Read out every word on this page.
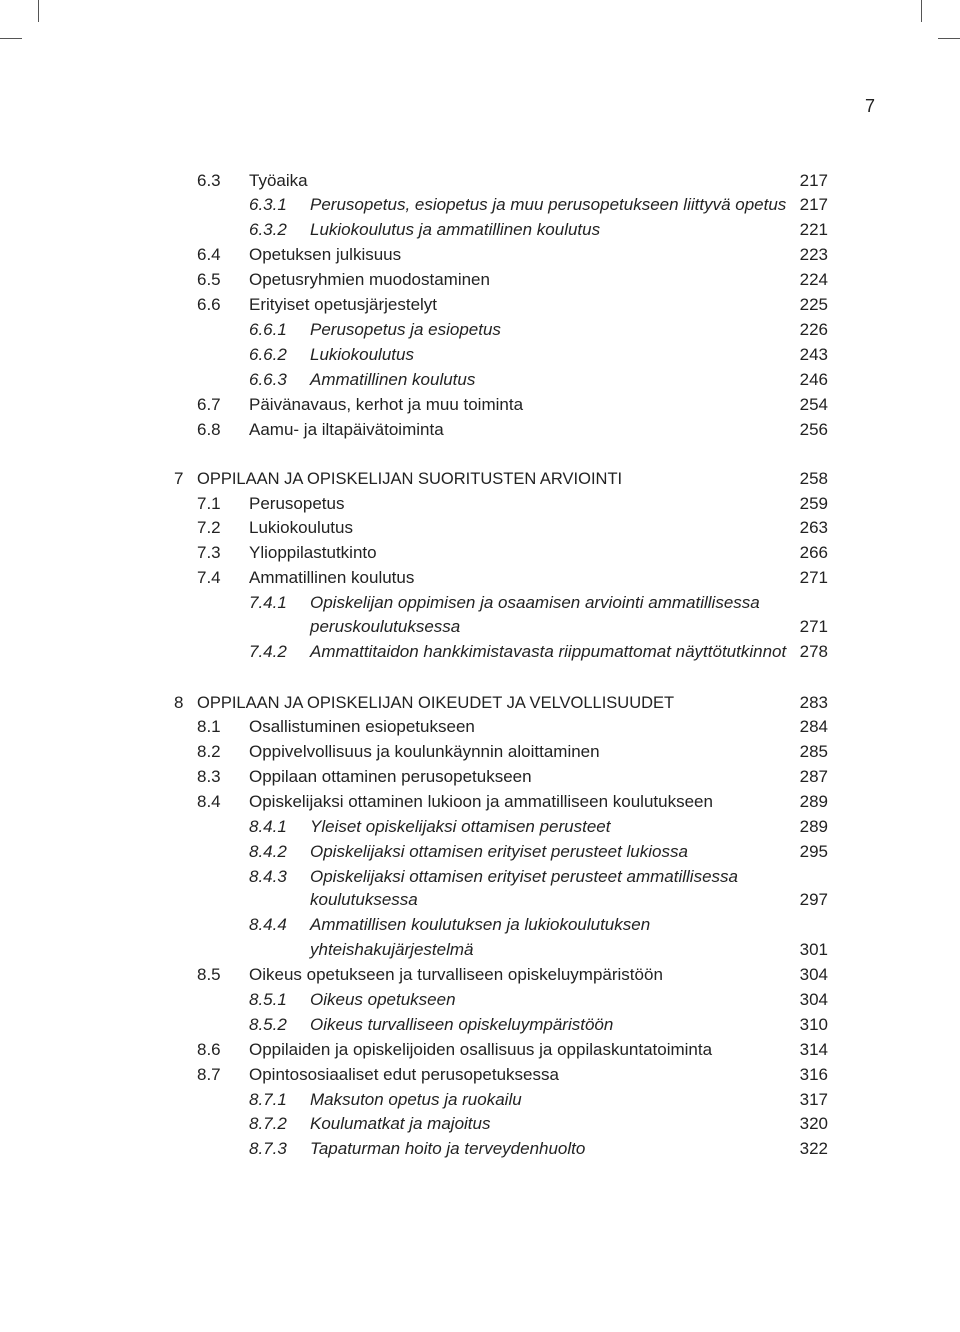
7
6.3 Työaika	217
6.3.1 Perusopetus, esiopetus ja muu perusopetukseen liittyvä opetus 217
6.3.2 Lukiokoulutus ja ammatillinen koulutus	221
6.4 Opetuksen julkisuus	223
6.5 Opetusryhmien muodostaminen	224
6.6 Erityiset opetusjärjestelyt	225
6.6.1 Perusopetus ja esiopetus	226
6.6.2 Lukiokoulutus	243
6.6.3 Ammatillinen koulutus	246
6.7 Päivänavaus, kerhot ja muu toiminta	254
6.8 Aamu- ja iltapäivätoiminta	256
7 OPPILAAN JA OPISKELIJAN SUORITUSTEN ARVIOINTI	258
7.1 Perusopetus	259
7.2 Lukiokoulutus	263
7.3 Ylioppilastutkinto	266
7.4 Ammatillinen koulutus	271
7.4.1 Opiskelijan oppimisen ja osaamisen arviointi ammatillisessa
peruskoulutuksessa	271
7.4.2 Ammattitaidon hankkimistavasta riippumattomat näyttötutkinnot 278
8 OPPILAAN JA OPISKELIJAN OIKEUDET JA VELVOLLISUUDET	283
8.1 Osallistuminen esiopetukseen	284
8.2 Oppivelvollisuus ja koulunkäynnin aloittaminen	285
8.3 Oppilaan ottaminen perusopetukseen	287
8.4 Opiskelijaksi ottaminen lukioon ja ammatilliseen koulutukseen	289
8.4.1 Yleiset opiskelijaksi ottamisen perusteet	289
8.4.2 Opiskelijaksi ottamisen erityiset perusteet lukiossa	295
8.4.3 Opiskelijaksi ottamisen erityiset perusteet ammatillisessa
koulutuksessa	297
8.4.4 Ammatillisen koulutuksen ja lukiokoulutuksen
yhteishakujärjestelmä	301
8.5 Oikeus opetukseen ja turvalliseen opiskeluympäristöön	304
8.5.1 Oikeus opetukseen	304
8.5.2 Oikeus turvalliseen opiskeluympäristöön	310
8.6 Oppilaiden ja opiskelijoiden osallisuus ja oppilaskuntatoiminta	314
8.7 Opintososiaaliset edut perusopetuksessa	316
8.7.1 Maksuton opetus ja ruokailu	317
8.7.2 Koulumatkat ja majoitus	320
8.7.3 Tapaturman hoito ja terveydenhuolto	322
